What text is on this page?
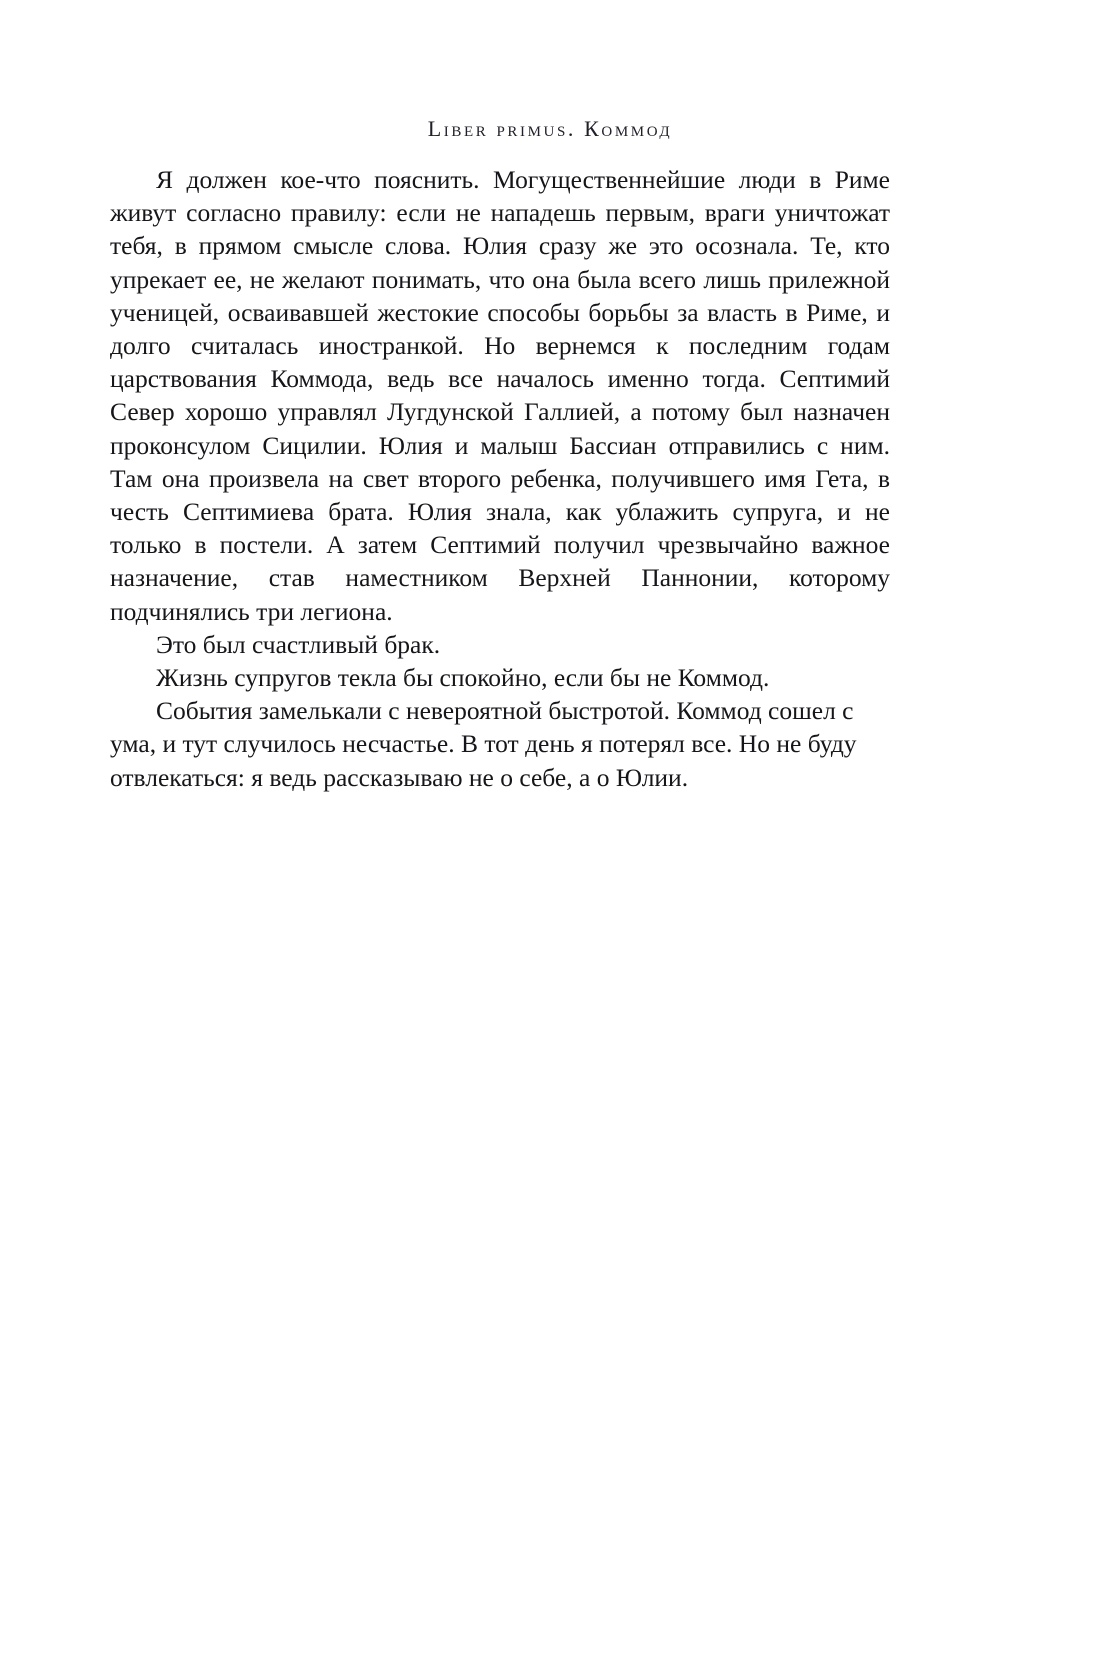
Liber primus. Коммод

Я должен кое-что пояснить. Могущественнейшие люди в Риме живут согласно правилу: если не нападешь первым, враги уничтожат тебя, в прямом смысле слова. Юлия сразу же это осознала. Те, кто упрекает ее, не желают понимать, что она была всего лишь прилежной ученицей, осваивавшей жестокие способы борьбы за власть в Риме, и долго считалась иностранкой. Но вернемся к последним годам царствования Коммода, ведь все началось именно тогда. Септимий Север хорошо управлял Лугдунской Галлией, а потому был назначен проконсулом Сицилии. Юлия и малыш Бассиан отправились с ним. Там она произвела на свет второго ребенка, получившего имя Гета, в честь Септимиева брата. Юлия знала, как ублажить супруга, и не только в постели. А затем Септимий получил чрезвычайно важное назначение, став наместником Верхней Паннонии, которому подчинялись три легиона.

Это был счастливый брак.

Жизнь супругов текла бы спокойно, если бы не Коммод.

События замелькали с невероятной быстротой. Коммод сошел с ума, и тут случилось несчастье. В тот день я потерял все. Но не буду отвлекаться: я ведь рассказываю не о себе, а о Юлии.
